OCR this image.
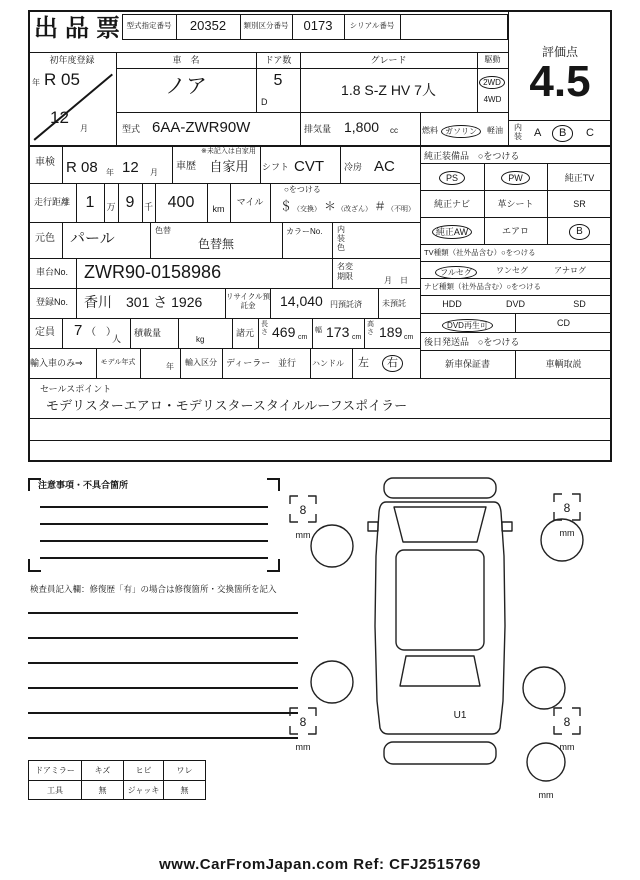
出品票 型式指定番号	20352	類別区分番号	0173	シリアル番号
評価点
4.5
内装 A	B	C
初年度登録
年 R 05
12
月
車　名
ノア
ドア数
5
D
グレード
1.8 S-Z HV 7人
駆動
2WD
4WD
型式 6AA-ZWR90W	排気量 1,800 cc	燃料 ガソリン	軽油
車検 R 08 年 12 月
車歴
※未記入は自家用
自家用	シフト CVT 冷房 AC
走行距離 1	万 9	千 400	km
マイル
○をつける
＄ （交換） ＊ （改ざん） ＃ （不明）
元色	パール	色替
色替無
カラーNo. 内装色
車台No. ZWR90-0158986	名変期限	月　日
登録No.	香川　301 さ 1926	リサイクル預託金	14,040 円預託済	未預託
定員	7 （　）
人
積載量
kg
諸元
長さ 469 cm
幅 173 cm
高さ 189 cm
輸入車のみ⇒	モデル年式	年	輸入区分	ディーラー 並行 ハンドル 左	右
セールスポイント
モデリスターエアロ・モデリスタースタイルルーフスポイラー
純正装備品　○をつける
PS	PW	純正TV
純正ナビ	革シート	SR
純正AW	エアロ	B
TV種類（社外品含む）○をつける
フルセグ	ワンセグ	アナログ
ナビ種類（社外品含む）○をつける
HDD	DVD	SD
DVD再生可	CD
後日発送品　○をつける
新車保証書	車輌取説
注意事項・不具合箇所
検査員記入欄：修復歴「有」の場合は修復箇所・交換箇所を記入
ドアミラー	キズ	ヒビ	ワレ
工具	無	ジャッキ	無
8
mm
8
mm
8
mm
8
mm
mm
U1
www.CarFromJapan.com Ref: CFJ2515769
